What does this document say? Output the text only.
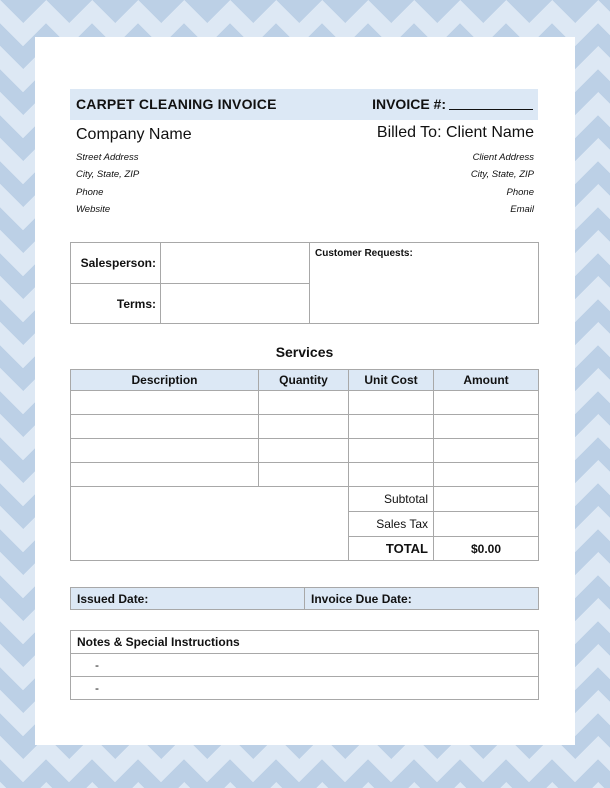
CARPET CLEANING INVOICE	INVOICE #:
Company Name	Billed To: Client Name
Street Address
City, State, ZIP
Phone
Website
Client Address
City, State, ZIP
Phone
Email
Salesperson:		Customer Requests:
Terms:		
Services
Description	Quantity	Unit Cost	Amount

		Subtotal	
		Sales Tax	
		TOTAL	$0.00
Issued Date:	Invoice Due Date:
Notes & Special Instructions
-
-
